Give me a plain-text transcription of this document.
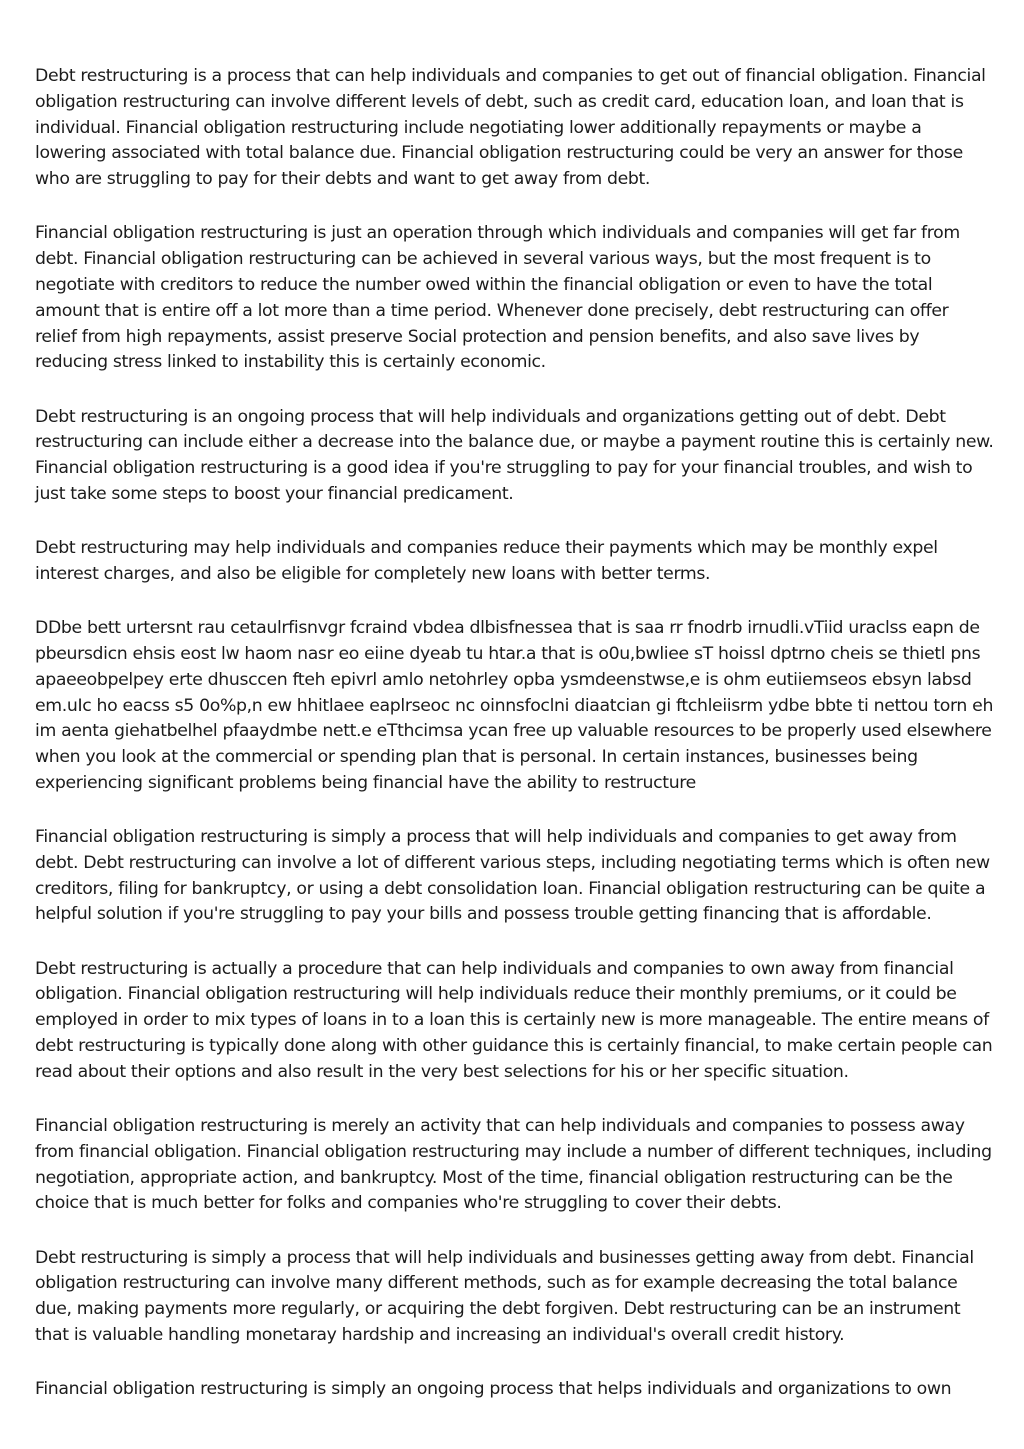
Debt restructuring is a process that can help individuals and companies to get out of financial obligation. Financial obligation restructuring can involve different levels of debt, such as credit card, education loan, and loan that is individual. Financial obligation restructuring include negotiating lower additionally repayments or maybe a lowering associated with total balance due. Financial obligation restructuring could be very an answer for those who are struggling to pay for their debts and want to get away from debt.

Financial obligation restructuring is just an operation through which individuals and companies will get far from debt. Financial obligation restructuring can be achieved in several various ways, but the most frequent is to negotiate with creditors to reduce the number owed within the financial obligation or even to have the total amount that is entire off a lot more than a time period. Whenever done precisely, debt restructuring can offer relief from high repayments, assist preserve Social protection and pension benefits, and also save lives by reducing stress linked to instability this is certainly economic.

Debt restructuring is an ongoing process that will help individuals and organizations getting out of debt. Debt restructuring can include either a decrease into the balance due, or maybe a payment routine this is certainly new. Financial obligation restructuring is a good idea if you're struggling to pay for your financial troubles, and wish to just take some steps to boost your financial predicament.

Debt restructuring may help individuals and companies reduce their payments which may be monthly expel interest charges, and also be eligible for completely new loans with better terms.

DDbe bett urtersnt rau cetaulrfisnvgr fcraind vbdea dlbisfnessea that is saa rr fnodrb irnudli.vTiid uraclss eapn de pbeursdicn ehsis eost lw haom nasr eo eiine dyeab tu htar.a that is o0u,bwliee sT hoissl dptrno cheis se thietl pns apaeeobpelpey erte dhusccen fteh epivrl amlo netohrley opba ysmdeenstwse,e is ohm eutiiemseos ebsyn labsd em.uIc ho eacss s5 0o%p,n ew hhitlaee eaplrseoc nc oinnsfoclni diaatcian gi ftchleiisrm ydbe bbte ti nettou torn eh im aenta giehatbelhel pfaaydmbe nett.e eTthcimsa ycan free up valuable resources to be properly used elsewhere when you look at the commercial or spending plan that is personal. In certain instances, businesses being experiencing significant problems being financial have the ability to restructure

Financial obligation restructuring is simply a process that will help individuals and companies to get away from debt. Debt restructuring can involve a lot of different various steps, including negotiating terms which is often new creditors, filing for bankruptcy, or using a debt consolidation loan. Financial obligation restructuring can be quite a helpful solution if you're struggling to pay your bills and possess trouble getting financing that is affordable.

Debt restructuring is actually a procedure that can help individuals and companies to own away from financial obligation. Financial obligation restructuring will help individuals reduce their monthly premiums, or it could be employed in order to mix types of loans in to a loan this is certainly new is more manageable. The entire means of debt restructuring is typically done along with other guidance this is certainly financial, to make certain people can read about their options and also result in the very best selections for his or her specific situation.

Financial obligation restructuring is merely an activity that can help individuals and companies to possess away from financial obligation. Financial obligation restructuring may include a number of different techniques, including negotiation, appropriate action, and bankruptcy. Most of the time, financial obligation restructuring can be the choice that is much better for folks and companies who're struggling to cover their debts.

Debt restructuring is simply a process that will help individuals and businesses getting away from debt. Financial obligation restructuring can involve many different methods, such as for example decreasing the total balance due, making payments more regularly, or acquiring the debt forgiven. Debt restructuring can be an instrument that is valuable handling monetaray hardship and increasing an individual's overall credit history.

Financial obligation restructuring is simply an ongoing process that helps individuals and organizations to own
